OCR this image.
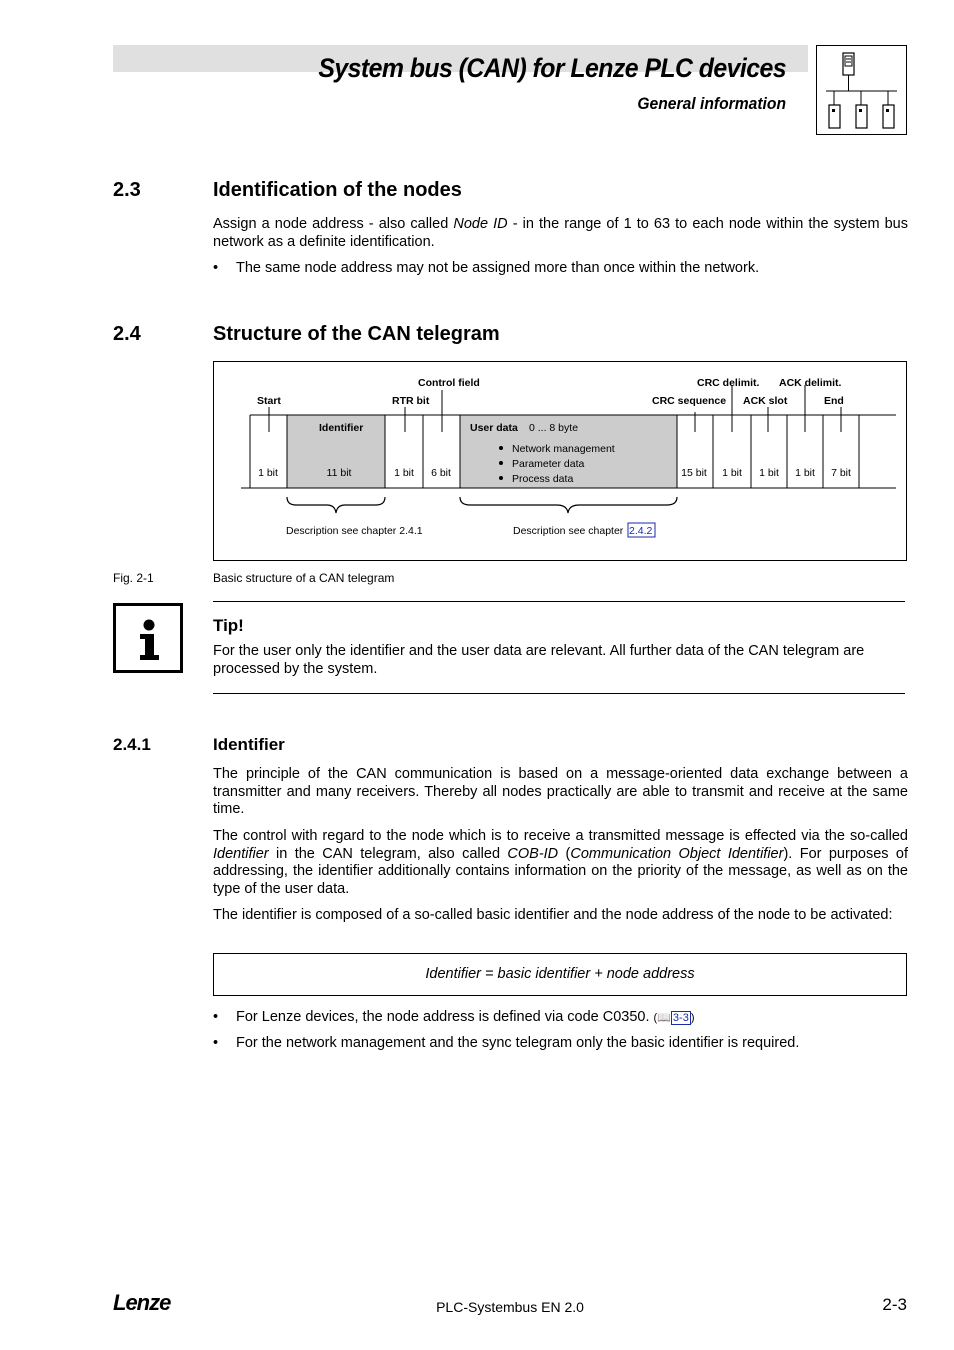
System bus (CAN) for Lenze PLC devices
General information
2.3	Identification of the nodes
Assign a node address - also called Node ID - in the range of 1 to 63 to each node within the system bus network as a definite identification.
• The same node address may not be assigned more than once within the network.
2.4	Structure of the CAN telegram
Control field
Start	RTR bit	CRC sequence
CRC delimit.
ACK slot
ACK delimit.
End
Identifier	User data 0 ... 8 byte
Network management
Parameter data
Process data
1 bit	11 bit	1 bit 6 bit	15 bit 1 bit 1 bit 1 bit 7 bit
Description see chapter 2.4.1	Description see chapter 2.4.2
Fig. 2-1	Basic structure of a CAN telegram
Tip!
For the user only the identifier and the user data are relevant. All further data of the CAN telegram are processed by the system.
2.4.1	Identifier
The principle of the CAN communication is based on a message-oriented data exchange between a transmitter and many receivers. Thereby all nodes practically are able to transmit and receive at the same time.
The control with regard to the node which is to receive a transmitted message is effected via the so-called Identifier in the CAN telegram, also called COB-ID (Communication Object Identifier). For purposes of addressing, the identifier additionally contains information on the priority of the message, as well as on the type of the user data.
The identifier is composed of a so-called basic identifier and the node address of the node to be activated:
Identifier = basic identifier + node address
• For Lenze devices, the node address is defined via code C0350. (📖 3-3 )
• For the network management and the sync telegram only the basic identifier is required.
Lenze	PLC-Systembus EN 2.0	2-3
